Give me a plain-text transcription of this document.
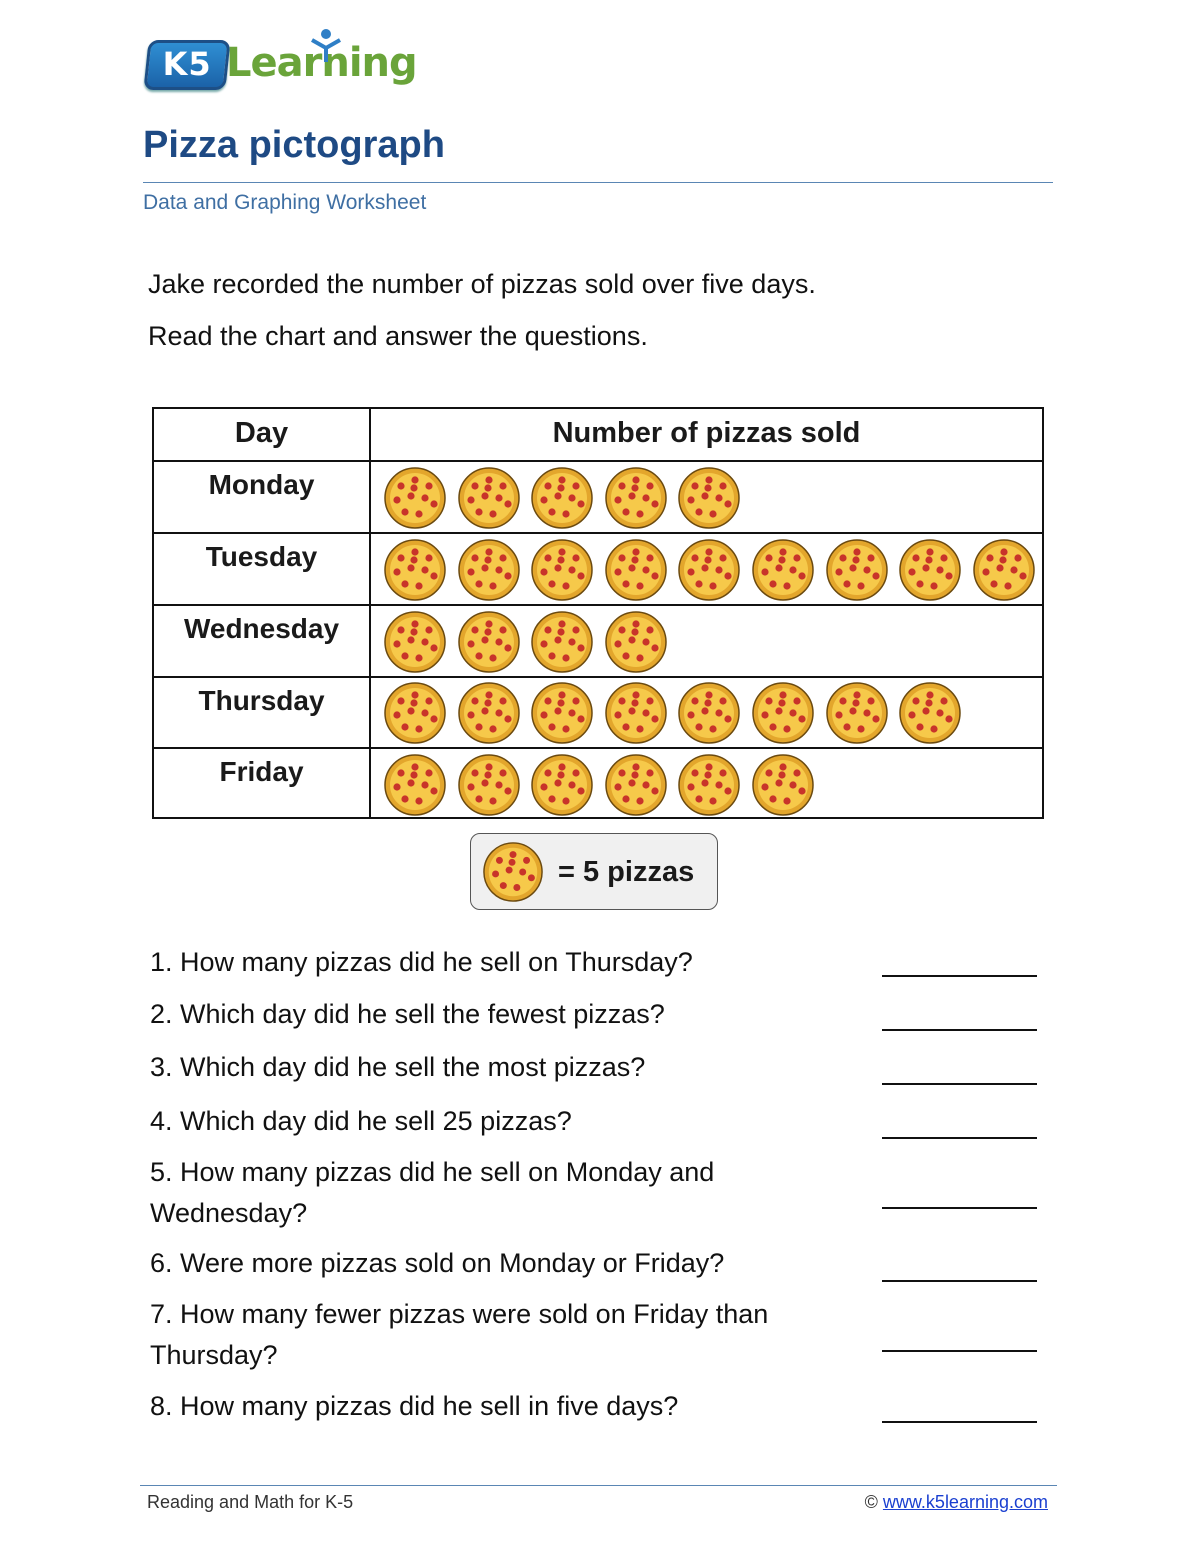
K5 Learning
Pizza pictograph
Data and Graphing Worksheet
Jake recorded the number of pizzas sold over five days.
Read the chart and answer the questions.
Day	Number of pizzas sold
Monday
Tuesday
Wednesday
Thursday
Friday
= 5 pizzas
1. How many pizzas did he sell on Thursday?
2. Which day did he sell the fewest pizzas?
3. Which day did he sell the most pizzas?
4. Which day did he sell 25 pizzas?
5. How many pizzas did he sell on Monday and Wednesday?
6. Were more pizzas sold on Monday or Friday?
7. How many fewer pizzas were sold on Friday than Thursday?
8. How many pizzas did he sell in five days?
Reading and Math for K-5	© www.k5learning.com
